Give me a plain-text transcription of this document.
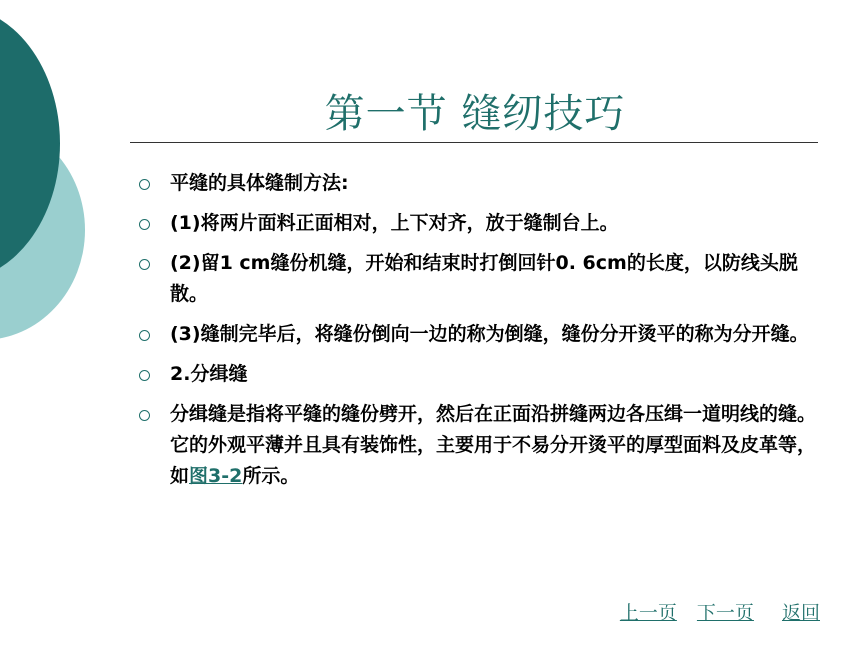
第一节 缝纫技巧
平缝的具体缝制方法:
(1)将两片面料正面相对，上下对齐，放于缝制台上。
(2)留1 cm缝份机缝，开始和结束时打倒回针0. 6cm的长度，以防线头脱散。
(3)缝制完毕后，将缝份倒向一边的称为倒缝，缝份分开烫平的称为分开缝。
2.分缉缝
分缉缝是指将平缝的缝份劈开，然后在正面沿拼缝两边各压缉一道明线的缝。它的外观平薄并且具有装饰性，主要用于不易分开烫平的厚型面料及皮革等，如图3-2所示。
上一页 下一页 返回
